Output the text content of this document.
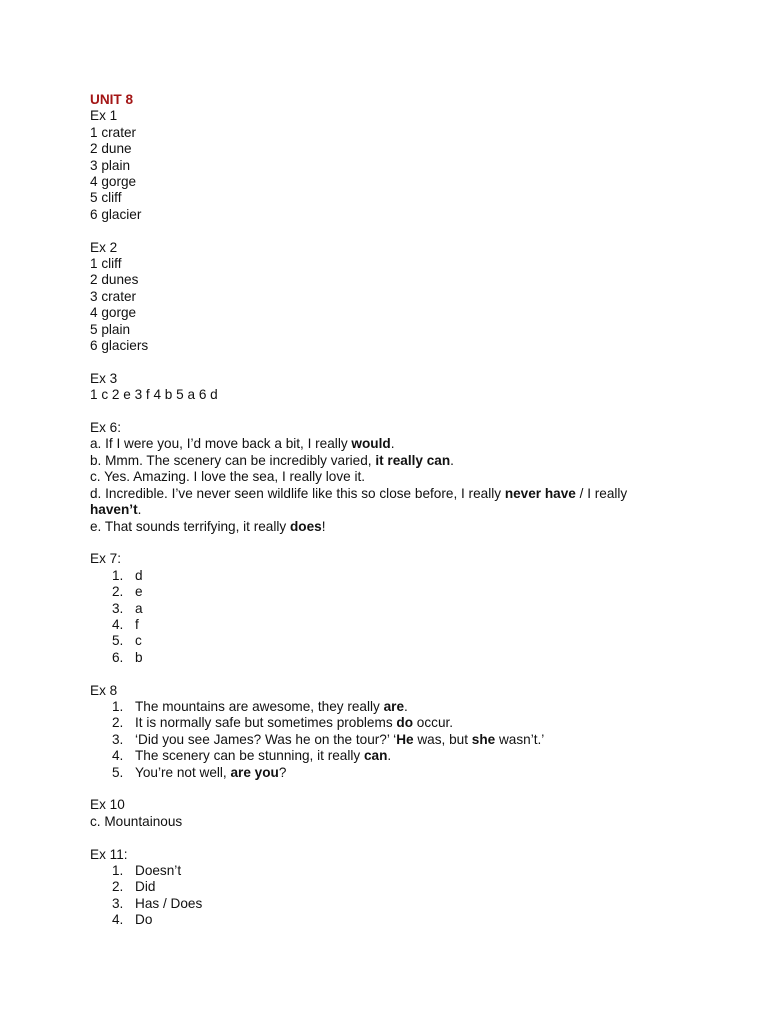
UNIT 8
Ex 1
1 crater
2 dune
3 plain
4 gorge
5 cliff
6 glacier
Ex 2
1 cliff
2 dunes
3 crater
4 gorge
5 plain
6 glaciers
Ex 3
1 c 2 e 3 f 4 b 5 a 6 d
Ex 6:
a. If I were you, I’d move back a bit, I really would.
b. Mmm. The scenery can be incredibly varied, it really can.
c. Yes. Amazing. I love the sea, I really love it.
d. Incredible. I’ve never seen wildlife like this so close before, I really never have / I really
haven’t.
e. That sounds terrifying, it really does!
Ex 7:
1. d
2. e
3. a
4. f
5. c
6. b
Ex 8
1. The mountains are awesome, they really are.
2. It is normally safe but sometimes problems do occur.
3. ‘Did you see James? Was he on the tour?’ ‘He was, but she wasn’t.’
4. The scenery can be stunning, it really can.
5. You’re not well, are you?
Ex 10
c. Mountainous
Ex 11:
1. Doesn’t
2. Did
3. Has / Does
4. Do
